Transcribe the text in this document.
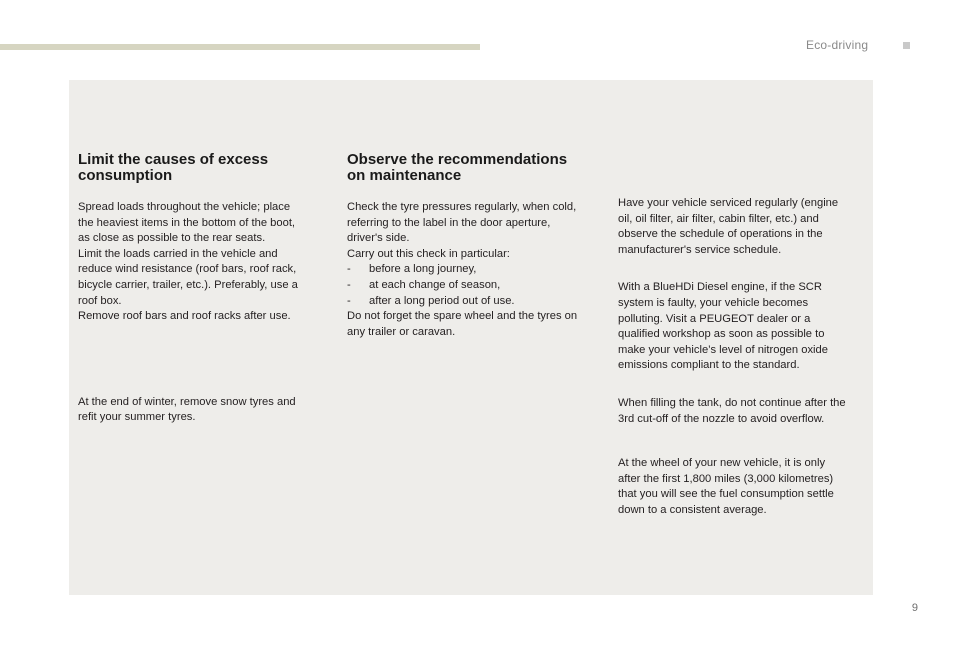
Eco-driving
Limit the causes of excess
consumption

Spread loads throughout the vehicle; place
the heaviest items in the bottom of the boot,
as close as possible to the rear seats.
Limit the loads carried in the vehicle and
reduce wind resistance (roof bars, roof rack,
bicycle carrier, trailer, etc.). Preferably, use a
roof box.
Remove roof bars and roof racks after use.

At the end of winter, remove snow tyres and
refit your summer tyres.

Observe the recommendations
on maintenance

Check the tyre pressures regularly, when cold,
referring to the label in the door aperture,
driver's side.
Carry out this check in particular:
- before a long journey,
- at each change of season,
- after a long period out of use.
Do not forget the spare wheel and the tyres on
any trailer or caravan.

Have your vehicle serviced regularly (engine
oil, oil filter, air filter, cabin filter, etc.) and
observe the schedule of operations in the
manufacturer's service schedule.

With a BlueHDi Diesel engine, if the SCR
system is faulty, your vehicle becomes
polluting. Visit a PEUGEOT dealer or a
qualified workshop as soon as possible to
make your vehicle’s level of nitrogen oxide
emissions compliant to the standard.

When filling the tank, do not continue after the
3rd cut-off of the nozzle to avoid overflow.

At the wheel of your new vehicle, it is only
after the first 1,800 miles (3,000 kilometres)
that you will see the fuel consumption settle
down to a consistent average.

9
